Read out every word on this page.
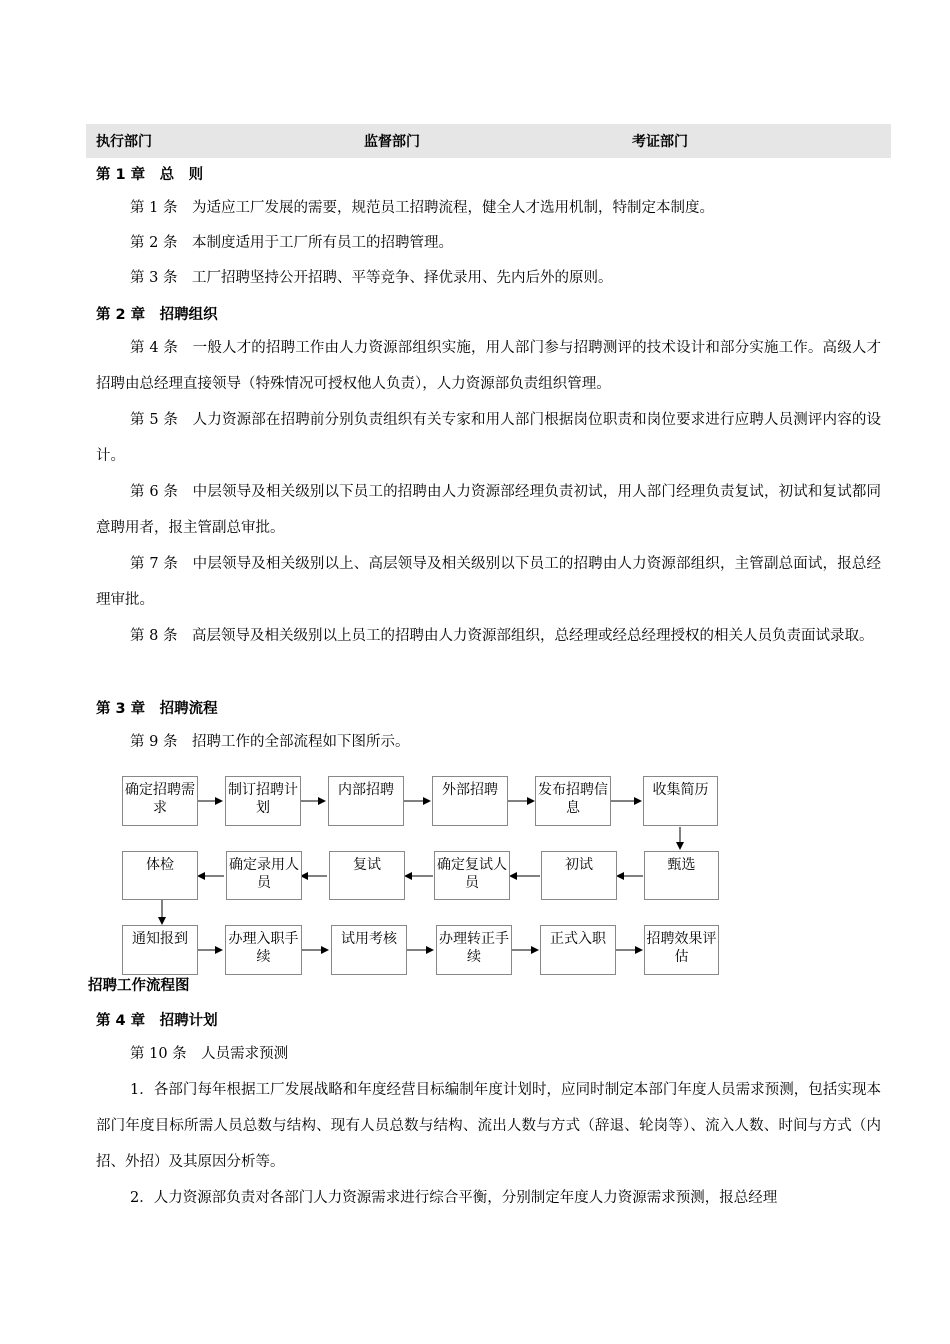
执行部门	监督部门	考证部门
第 1 章　总　则

第 1 条　为适应工厂发展的需要，规范员工招聘流程，健全人才选用机制，特制定本制度。

第 2 条　本制度适用于工厂所有员工的招聘管理。

第 3 条　工厂招聘坚持公开招聘、平等竞争、择优录用、先内后外的原则。

第 2 章　招聘组织

第 4 条　一般人才的招聘工作由人力资源部组织实施，用人部门参与招聘测评的技术设计和部分实施工作。高级人才招聘由总经理直接领导（特殊情况可授权他人负责），人力资源部负责组织管理。

第 5 条　人力资源部在招聘前分别负责组织有关专家和用人部门根据岗位职责和岗位要求进行应聘人员测评内容的设计。

第 6 条　中层领导及相关级别以下员工的招聘由人力资源部经理负责初试，用人部门经理负责复试，初试和复试都同意聘用者，报主管副总审批。

第 7 条　中层领导及相关级别以上、高层领导及相关级别以下员工的招聘由人力资源部组织，主管副总面试，报总经理审批。

第 8 条　高层领导及相关级别以上员工的招聘由人力资源部组织，总经理或经总经理授权的相关人员负责面试录取。

第 3 章　招聘流程

第 9 条　招聘工作的全部流程如下图所示。

确定招聘需求
制订招聘计划
内部招聘	外部招聘	发布招聘信息
收集简历
体检	确定录用人员
复试	确定复试人员
初试	甄选
通知报到	办理入职手续
试用考核	办理转正手续
正式入职	招聘效果评估
招聘工作流程图
第 4 章　招聘计划

第 10 条　人员需求预测

1．各部门每年根据工厂发展战略和年度经营目标编制年度计划时，应同时制定本部门年度人员需求预测，包括实现本部门年度目标所需人员总数与结构、现有人员总数与结构、流出人数与方式（辞退、轮岗等）、流入人数、时间与方式（内招、外招）及其原因分析等。

2．人力资源部负责对各部门人力资源需求进行综合平衡，分别制定年度人力资源需求预测，报总经理
